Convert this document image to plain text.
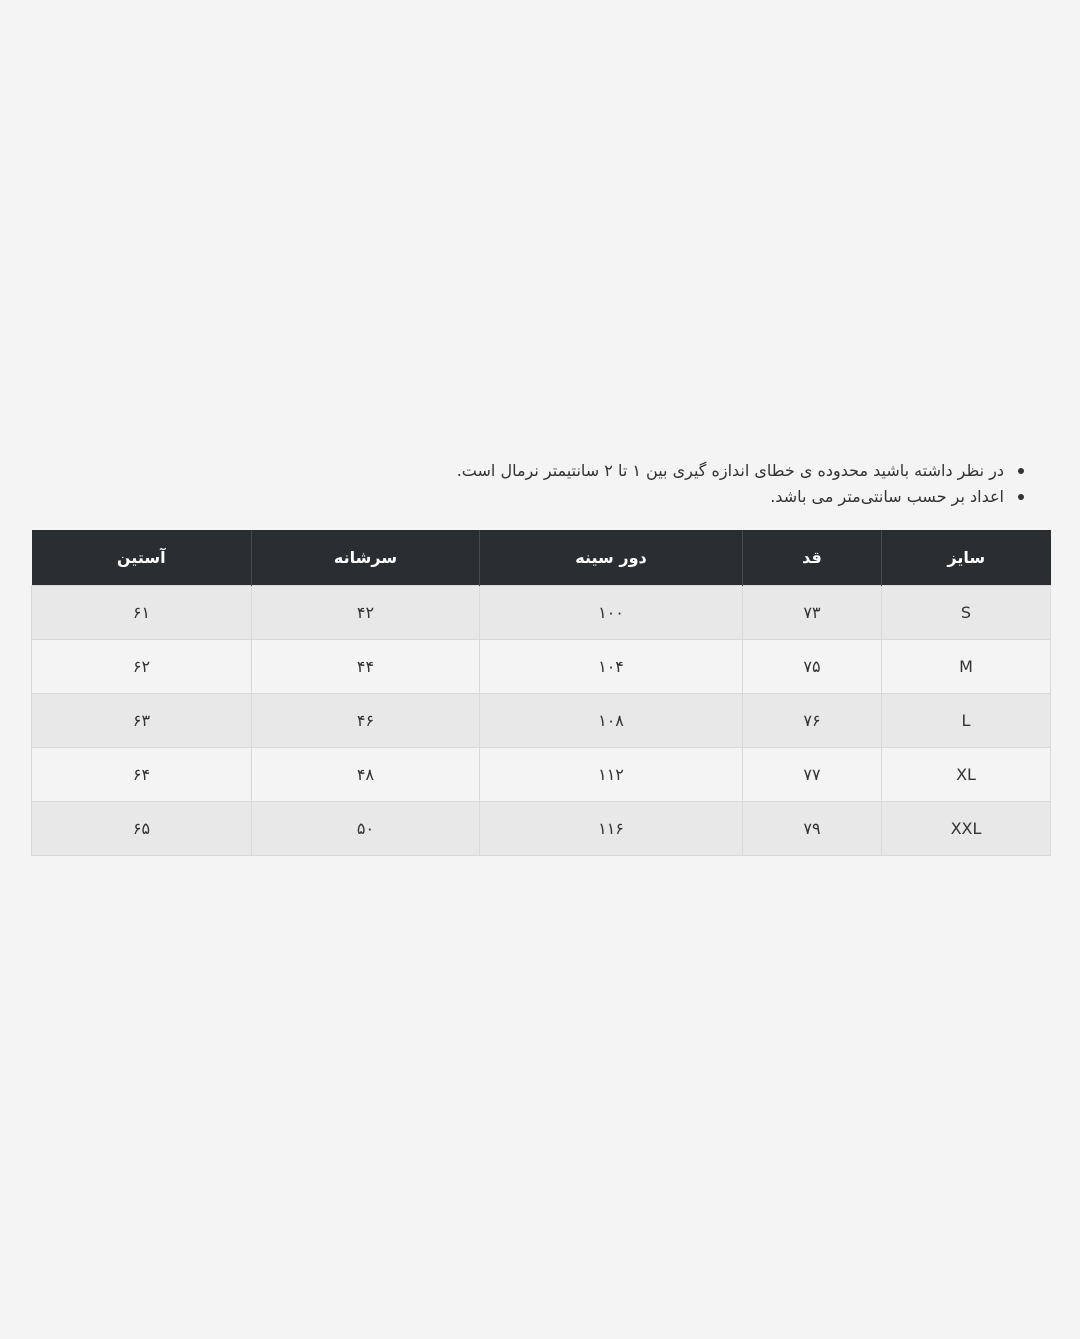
در نظر داشته باشید محدوده ی خطای اندازه گیری بین ۱ تا ۲ سانتیمتر نرمال است.
اعداد بر حسب سانتی‌متر می باشد.
سایز	قد	دور سینه	سرشانه	آستین
S	۷۳	۱۰۰	۴۲	۶۱
M	۷۵	۱۰۴	۴۴	۶۲
L	۷۶	۱۰۸	۴۶	۶۳
XL	۷۷	۱۱۲	۴۸	۶۴
XXL	۷۹	۱۱۶	۵۰	۶۵
